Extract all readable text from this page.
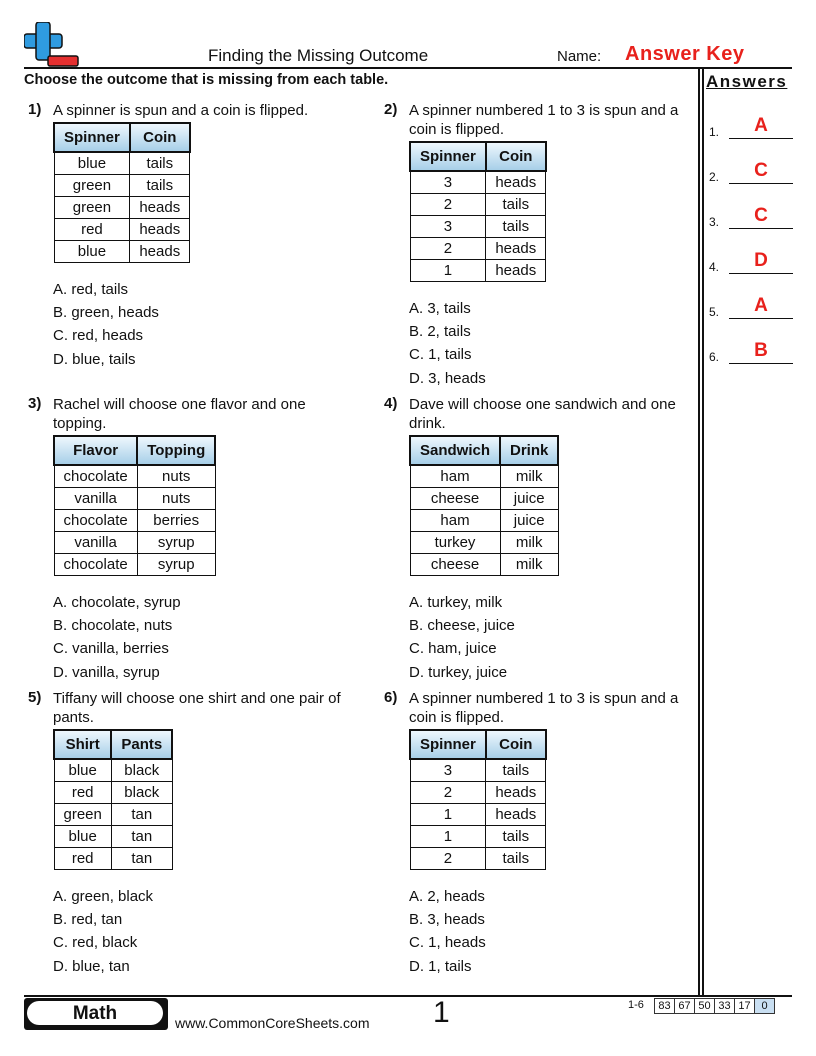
Finding the Missing Outcome	Name: Answer Key
Choose the outcome that is missing from each table.	Answers
1.	A
2.	C
3.	C
4.	D
5.	A
6.	B
1) A spinner is spun and a coin is flipped.
Spinner	Coin
blue	tails
green	tails
green	heads
red	heads
blue	heads
A. red, tails
B. green, heads
C. red, heads
D. blue, tails
2) A spinner numbered 1 to 3 is spun and a coin is flipped.
Spinner	Coin
3	heads
2	tails
3	tails
2	heads
1	heads
A. 3, tails
B. 2, tails
C. 1, tails
D. 3, heads
3) Rachel will choose one flavor and one topping.
Flavor	Topping
chocolate	nuts
vanilla	nuts
chocolate	berries
vanilla	syrup
chocolate	syrup
A. chocolate, syrup
B. chocolate, nuts
C. vanilla, berries
D. vanilla, syrup
4) Dave will choose one sandwich and one drink.
Sandwich	Drink
ham	milk
cheese	juice
ham	juice
turkey	milk
cheese	milk
A. turkey, milk
B. cheese, juice
C. ham, juice
D. turkey, juice
5) Tiffany will choose one shirt and one pair of pants.
Shirt	Pants
blue	black
red	black
green	tan
blue	tan
red	tan
A. green, black
B. red, tan
C. red, black
D. blue, tan
6) A spinner numbered 1 to 3 is spun and a coin is flipped.
Spinner	Coin
3	tails
2	heads
1	heads
1	tails
2	tails
A. 2, heads
B. 3, heads
C. 1, heads
D. 1, tails
Math	www.CommonCoreSheets.com 1	1-6 83	67	50	33	17	0
